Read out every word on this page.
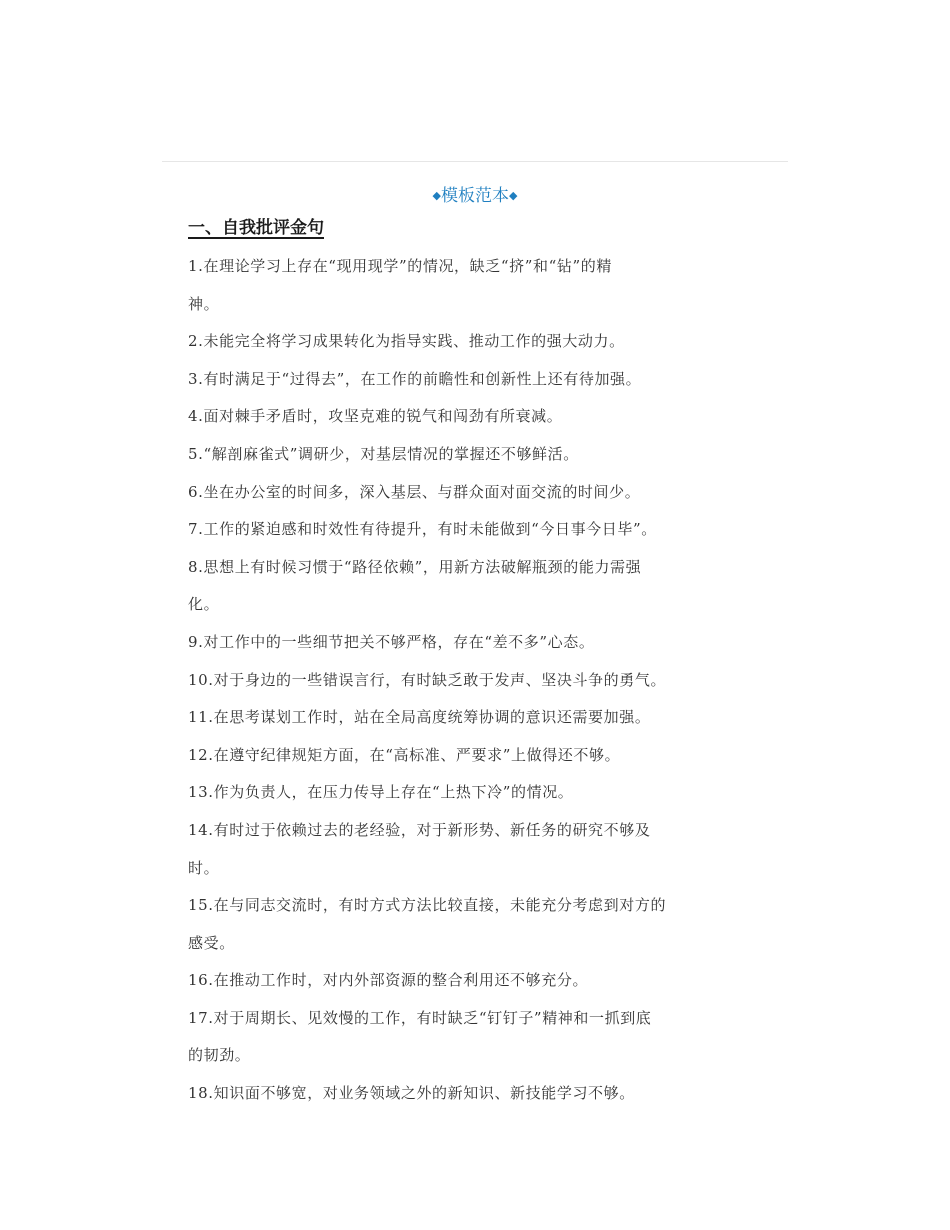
◆模板范本◆
一、自我批评金句
1.在理论学习上存在“现用现学”的情况，缺乏“挤”和“钻”的精
神。
2.未能完全将学习成果转化为指导实践、推动工作的强大动力。
3.有时满足于“过得去”，在工作的前瞻性和创新性上还有待加强。
4.面对棘手矛盾时，攻坚克难的锐气和闯劲有所衰减。
5.“解剖麻雀式”调研少，对基层情况的掌握还不够鲜活。
6.坐在办公室的时间多，深入基层、与群众面对面交流的时间少。
7.工作的紧迫感和时效性有待提升，有时未能做到“今日事今日毕”。
8.思想上有时候习惯于“路径依赖”，用新方法破解瓶颈的能力需强
化。
9.对工作中的一些细节把关不够严格，存在“差不多”心态。
10.对于身边的一些错误言行，有时缺乏敢于发声、坚决斗争的勇气。
11.在思考谋划工作时，站在全局高度统筹协调的意识还需要加强。
12.在遵守纪律规矩方面，在“高标准、严要求”上做得还不够。
13.作为负责人，在压力传导上存在“上热下冷”的情况。
14.有时过于依赖过去的老经验，对于新形势、新任务的研究不够及
时。
15.在与同志交流时，有时方式方法比较直接，未能充分考虑到对方的
感受。
16.在推动工作时，对内外部资源的整合利用还不够充分。
17.对于周期长、见效慢的工作，有时缺乏“钉钉子”精神和一抓到底
的韧劲。
18.知识面不够宽，对业务领域之外的新知识、新技能学习不够。
